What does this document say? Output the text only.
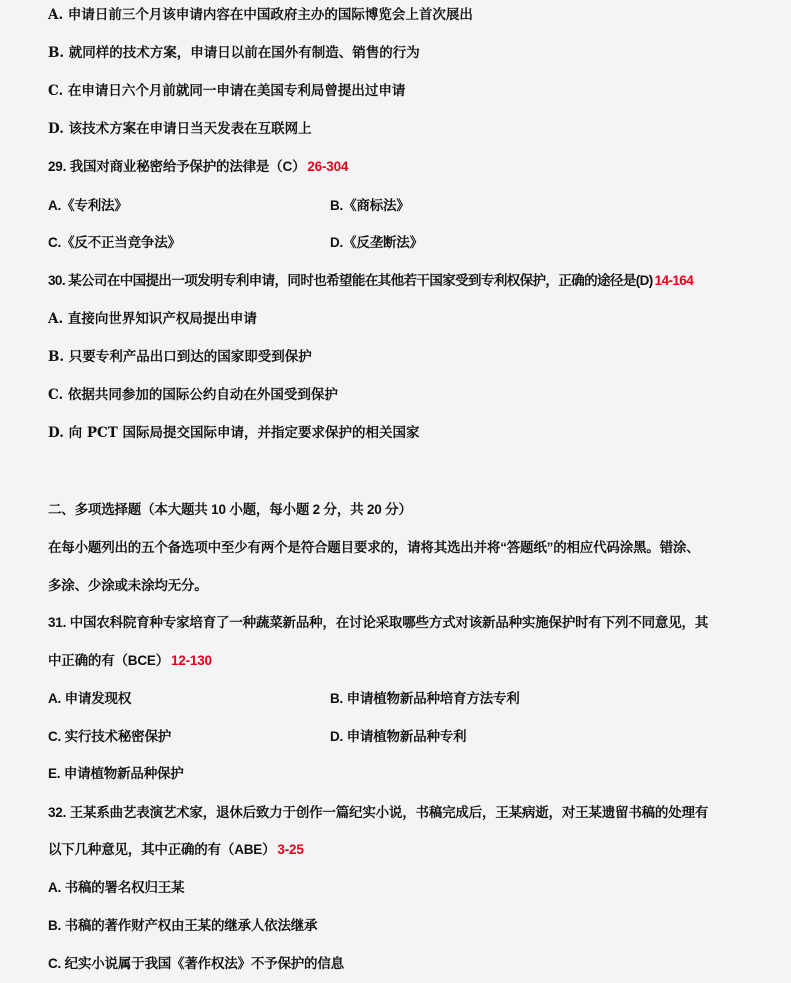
A. 申请日前三个月该申请内容在中国政府主办的国际博览会上首次展出
B. 就同样的技术方案，申请日以前在国外有制造、销售的行为
C. 在申请日六个月前就同一申请在美国专利局曾提出过申请
D. 该技术方案在申请日当天发表在互联网上
29. 我国对商业秘密给予保护的法律是（C） 26-304
A.《专利法》	B.《商标法》
C.《反不正当竞争法》	D.《反垄断法》
30. 某公司在中国提出一项发明专利申请，同时也希望能在其他若干国家受到专利权保护，正确的途径是(D) 14-164
A. 直接向世界知识产权局提出申请
B. 只要专利产品出口到达的国家即受到保护
C. 依据共同参加的国际公约自动在外国受到保护
D. 向 PCT 国际局提交国际申请，并指定要求保护的相关国家
二、多项选择题（本大题共 10 小题，每小题 2 分，共 20 分）
在每小题列出的五个备选项中至少有两个是符合题目要求的，请将其选出并将“答题纸”的相应代码涂黑。错涂、
多涂、少涂或未涂均无分。
31. 中国农科院育种专家培育了一种蔬菜新品种，在讨论采取哪些方式对该新品种实施保护时有下列不同意见，其
中正确的有（BCE） 12-130
A. 申请发现权	B. 申请植物新品种培育方法专利
C. 实行技术秘密保护	D. 申请植物新品种专利
E. 申请植物新品种保护
32. 王某系曲艺表演艺术家，退休后致力于创作一篇纪实小说，书稿完成后，王某病逝，对王某遗留书稿的处理有
以下几种意见，其中正确的有（ABE） 3-25
A. 书稿的署名权归王某
B. 书稿的著作财产权由王某的继承人依法继承
C. 纪实小说属于我国《著作权法》不予保护的信息
